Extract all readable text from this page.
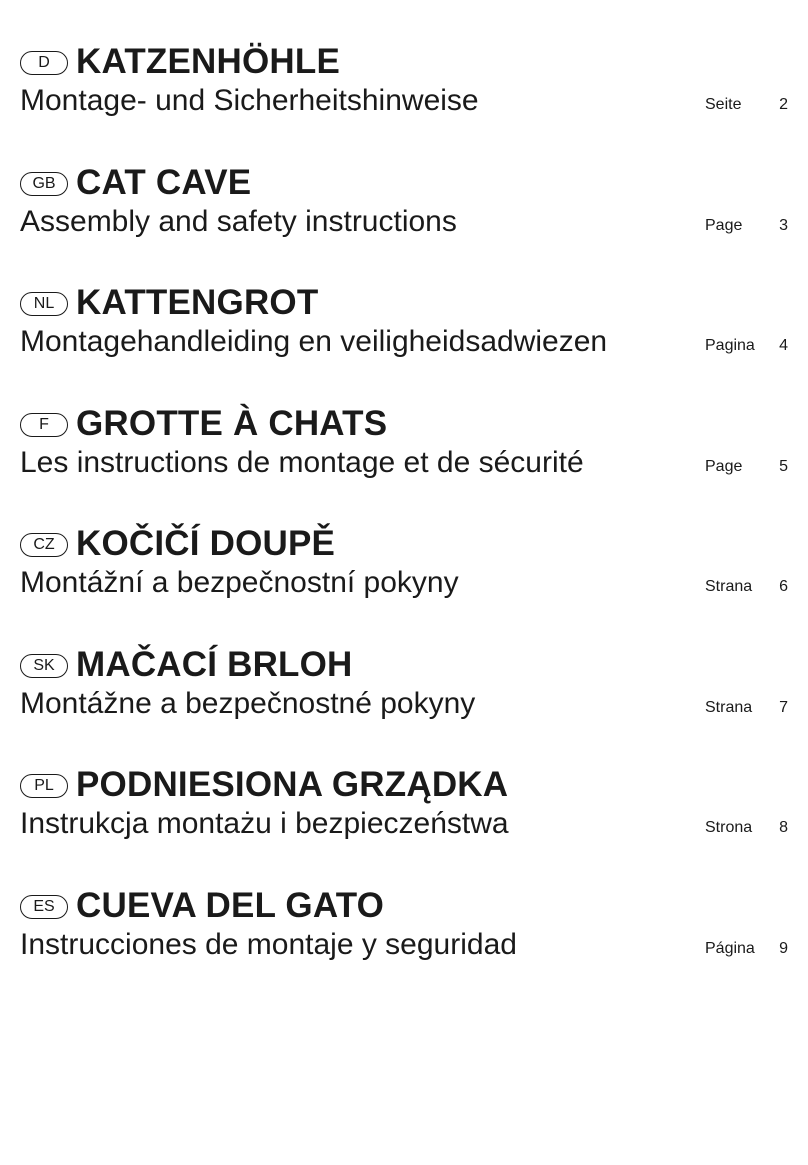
D KATZENHÖHLE
Montage- und Sicherheitshinweise	Seite 2
GB CAT CAVE
Assembly and safety instructions	Page 3
NL KATTENGROT
Montagehandleiding en veiligheidsadwiezen	Pagina 4
F GROTTE À CHATS
Les instructions de montage et de sécurité	Page 5
CZ KOČIČÍ DOUPĚ
Montážní a bezpečnostní pokyny	Strana 6
SK MAČACÍ BRLOH
Montážne a bezpečnostné pokyny	Strana 7
PL PODNIESIONA GRZĄDKA
Instrukcja montażu i bezpieczeństwa	Strona 8
ES CUEVA DEL GATO
Instrucciones de montaje y seguridad	Página 9
